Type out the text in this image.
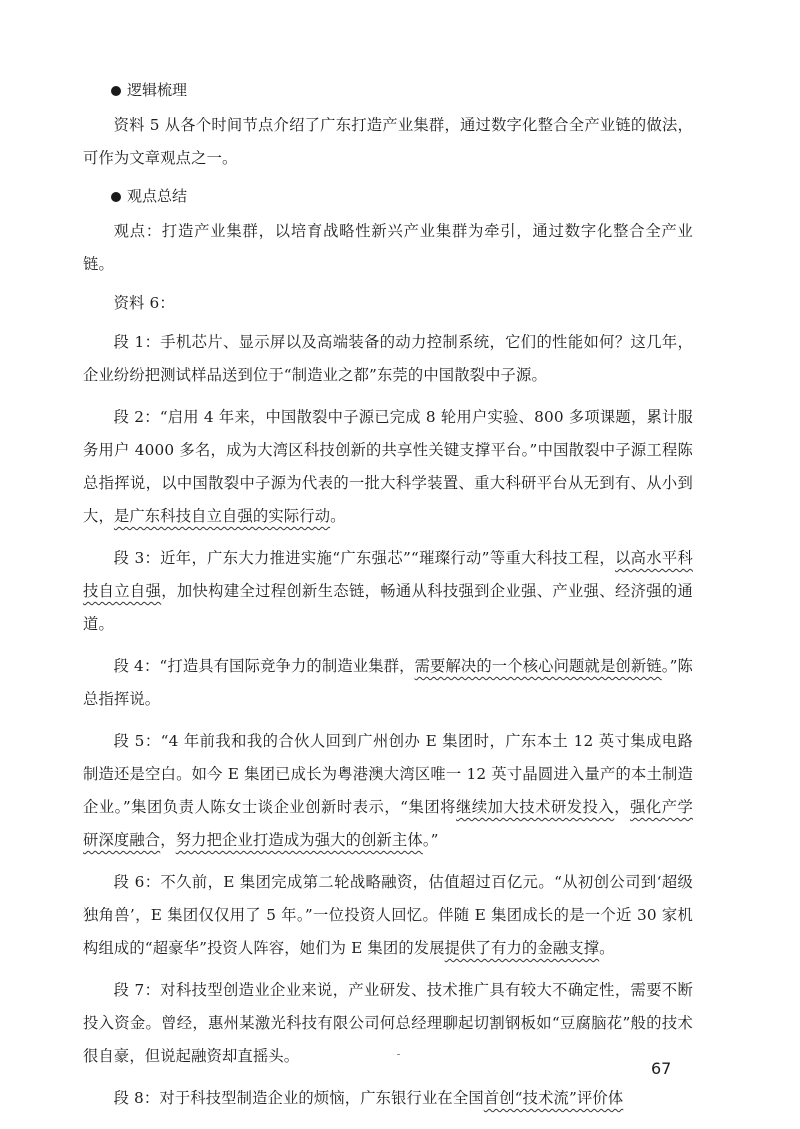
逻辑梳理

资料 5 从各个时间节点介绍了广东打造产业集群，通过数字化整合全产业链的做法，可作为文章观点之一。

观点总结

观点：打造产业集群，以培育战略性新兴产业集群为牵引，通过数字化整合全产业链。

资料 6：

段 1：手机芯片、显示屏以及高端装备的动力控制系统，它们的性能如何？这几年，企业纷纷把测试样品送到位于“制造业之都”东莞的中国散裂中子源。

段 2：“启用 4 年来，中国散裂中子源已完成 8 轮用户实验、800 多项课题，累计服务用户 4000 多名，成为大湾区科技创新的共享性关键支撑平台。”中国散裂中子源工程陈总指挥说，以中国散裂中子源为代表的一批大科学装置、重大科研平台从无到有、从小到大，是广东科技自立自强的实际行动。

段 3：近年，广东大力推进实施“广东强芯”“璀璨行动”等重大科技工程，以高水平科技自立自强，加快构建全过程创新生态链，畅通从科技强到企业强、产业强、经济强的通道。

段 4：“打造具有国际竞争力的制造业集群，需要解决的一个核心问题就是创新链。”陈总指挥说。

段 5：“4 年前我和我的合伙人回到广州创办 E 集团时，广东本土 12 英寸集成电路制造还是空白。如今 E 集团已成长为粤港澳大湾区唯一 12 英寸晶圆进入量产的本土制造企业。”集团负责人陈女士谈企业创新时表示，“集团将继续加大技术研发投入，强化产学研深度融合，努力把企业打造成为强大的创新主体。”

段 6：不久前，E 集团完成第二轮战略融资，估值超过百亿元。“从初创公司到‘超级独角兽’，E 集团仅仅用了 5 年。”一位投资人回忆。伴随 E 集团成长的是一个近 30 家机构组成的“超豪华”投资人阵容，她们为 E 集团的发展提供了有力的金融支撑。

段 7：对科技型创造业企业来说，产业研发、技术推广具有较大不确定性，需要不断投入资金。曾经，惠州某激光科技有限公司何总经理聊起切割钢板如“豆腐脑花”般的技术很自豪，但说起融资却直摇头。

段 8：对于科技型制造企业的烦恼，广东银行业在全国首创“技术流”评价体

67
